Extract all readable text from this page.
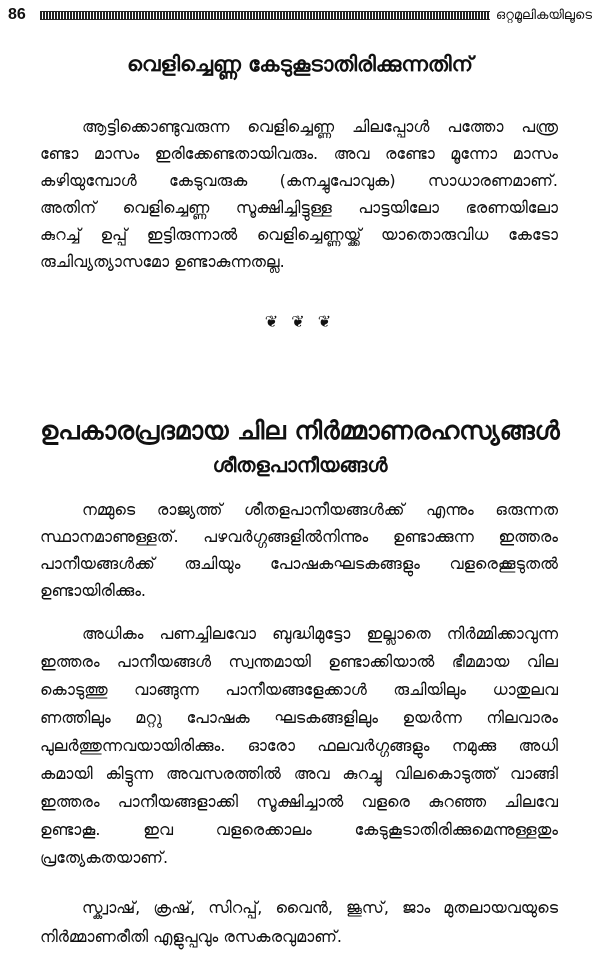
86	ഒറ്റമൂലികയിലൂടെ
വെളിച്ചെണ്ണ കേടുകൂടാതിരിക്കുന്നതിന്
ആട്ടിക്കൊണ്ടുവരുന്ന വെളിച്ചെണ്ണ ചിലപ്പോൾ പത്തോ പന്ത്ര
ണ്ടോ മാസം ഇരിക്കേണ്ടതായിവരും. അവ രണ്ടോ മൂന്നോ മാസം
കഴിയുമ്പോൾ കേടുവരുക (കനച്ചുപോവുക) സാധാരണമാണ്.
അതിന് വെളിച്ചെണ്ണ സൂക്ഷിച്ചിട്ടുള്ള പാട്ടയിലോ ഭരണയിലോ
കുറച്ച് ഉപ്പ് ഇട്ടിരുന്നാൽ വെളിച്ചെണ്ണയ്ക്ക് യാതൊരുവിധ കേടോ
രുചിവ്യത്യാസമോ ഉണ്ടാകുന്നതല്ല.
❦ ❦ ❦
ഉപകാരപ്രദമായ ചില നിർമ്മാണരഹസ്യങ്ങൾ
ശീതളപാനീയങ്ങൾ
നമ്മുടെ രാജ്യത്ത് ശീതളപാനീയങ്ങൾക്ക് എന്നും ഒരുന്നത
സ്ഥാനമാണുള്ളത്. പഴവർഗ്ഗങ്ങളിൽനിന്നും ഉണ്ടാക്കുന്ന ഇത്തരം
പാനീയങ്ങൾക്ക് രുചിയും പോഷകഘടകങ്ങളും വളരെക്കൂടുതൽ
ഉണ്ടായിരിക്കും.
അധികം പണച്ചിലവോ ബുദ്ധിമുട്ടോ ഇല്ലാതെ നിർമ്മിക്കാവുന്ന
ഇത്തരം പാനീയങ്ങൾ സ്വന്തമായി ഉണ്ടാക്കിയാൽ ഭീമമായ വില
കൊടുത്തു വാങ്ങുന്ന പാനീയങ്ങളേക്കാൾ രുചിയിലും ധാതുലവ
ണത്തിലും മറ്റു പോഷക ഘടകങ്ങളിലും ഉയർന്ന നിലവാരം
പുലർത്തുന്നവയായിരിക്കും. ഓരോ ഫലവർഗ്ഗങ്ങളും നമുക്കു അധി
കമായി കിട്ടുന്ന അവസരത്തിൽ അവ കുറച്ചു വിലകൊടുത്ത് വാങ്ങി
ഇത്തരം പാനീയങ്ങളാക്കി സൂക്ഷിച്ചാൽ വളരെ കുറഞ്ഞ ചിലവേ
ഉണ്ടാകൂ. ഇവ വളരെക്കാലം കേടുകൂടാതിരിക്കുമെന്നുള്ളതും
പ്രത്യേകതയാണ്.
സ്ക്വാഷ്, ക്രഷ്, സിറപ്പ്, വൈൻ, ജൂസ്, ജാം മുതലായവയുടെ
നിർമ്മാണരീതി എളുപ്പവും രസകരവുമാണ്.
